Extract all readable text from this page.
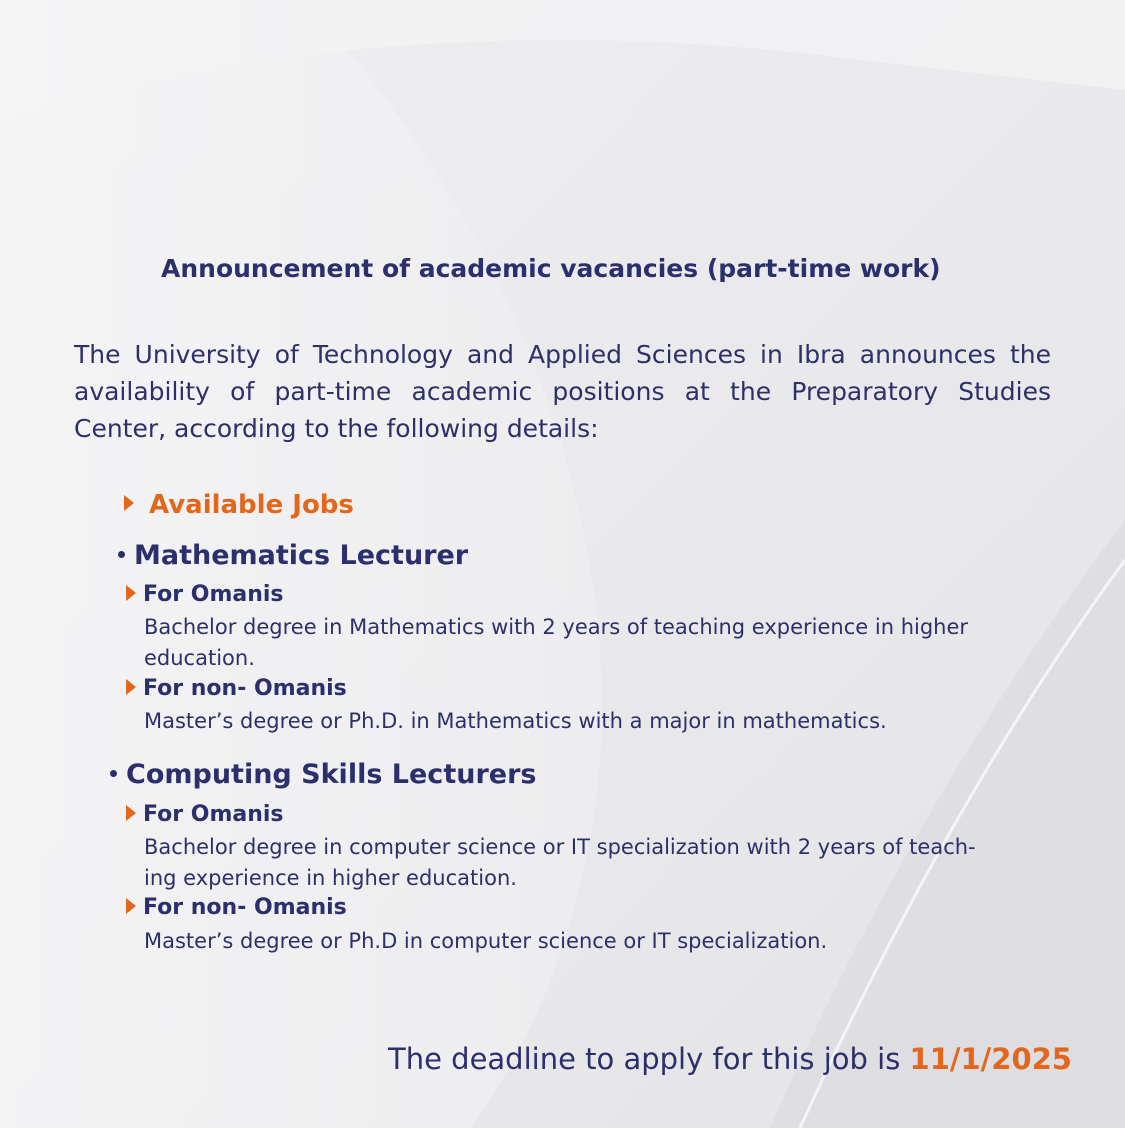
Announcement of academic vacancies (part-time work)
The University of Technology and Applied Sciences in Ibra announces the availability of part-time academic positions at the Preparatory Studies Center, according to the following details:
Available Jobs
Mathematics Lecturer
For Omanis
Bachelor degree in Mathematics with 2 years of teaching experience in higher
education.
For non- Omanis
Master’s degree or Ph.D. in Mathematics with a major in mathematics.
Computing Skills Lecturers
For Omanis
Bachelor degree in computer science or IT specialization with 2 years of teach-
ing experience in higher education.
For non- Omanis
Master’s degree or Ph.D in computer science or IT specialization.
The deadline to apply for this job is 11/1/2025
